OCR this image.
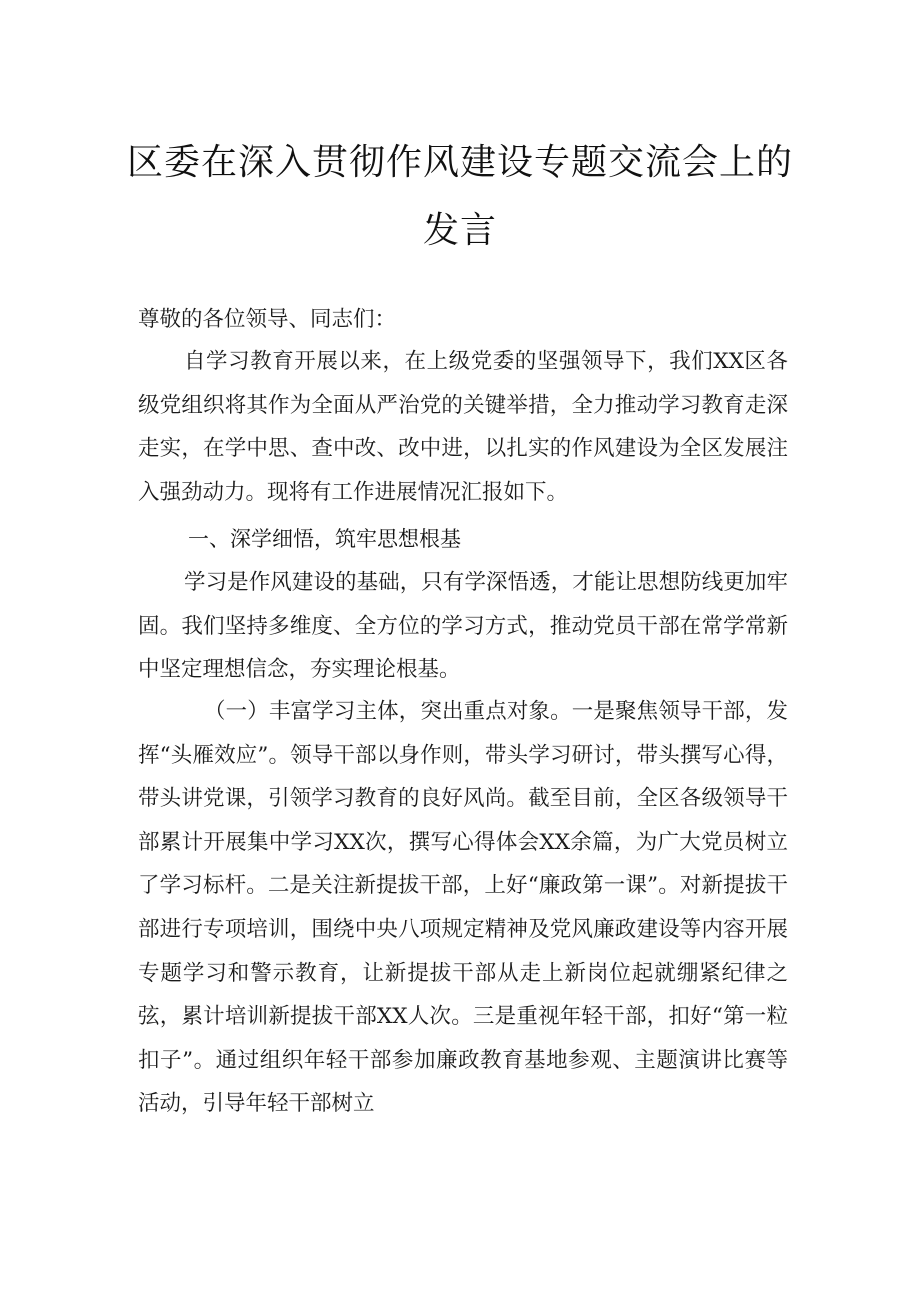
区委在深入贯彻作风建设专题交流会上的
发言

尊敬的各位领导、同志们：

自学习教育开展以来，在上级党委的坚强领导下，我们XX区各级党组织将其作为全面从严治党的关键举措，全力推动学习教育走深走实，在学中思、查中改、改中进，以扎实的作风建设为全区发展注入强劲动力。现将有工作进展情况汇报如下。

一、深学细悟，筑牢思想根基

学习是作风建设的基础，只有学深悟透，才能让思想防线更加牢固。我们坚持多维度、全方位的学习方式，推动党员干部在常学常新中坚定理想信念，夯实理论根基。

（一）丰富学习主体，突出重点对象。一是聚焦领导干部，发挥“头雁效应”。领导干部以身作则，带头学习研讨，带头撰写心得，带头讲党课，引领学习教育的良好风尚。截至目前，全区各级领导干部累计开展集中学习XX次，撰写心得体会XX余篇，为广大党员树立了学习标杆。二是关注新提拔干部，上好“廉政第一课”。对新提拔干部进行专项培训，围绕中央八项规定精神及党风廉政建设等内容开展专题学习和警示教育，让新提拔干部从走上新岗位起就绷紧纪律之弦，累计培训新提拔干部XX人次。三是重视年轻干部，扣好“第一粒扣子”。通过组织年轻干部参加廉政教育基地参观、主题演讲比赛等活动，引导年轻干部树立
